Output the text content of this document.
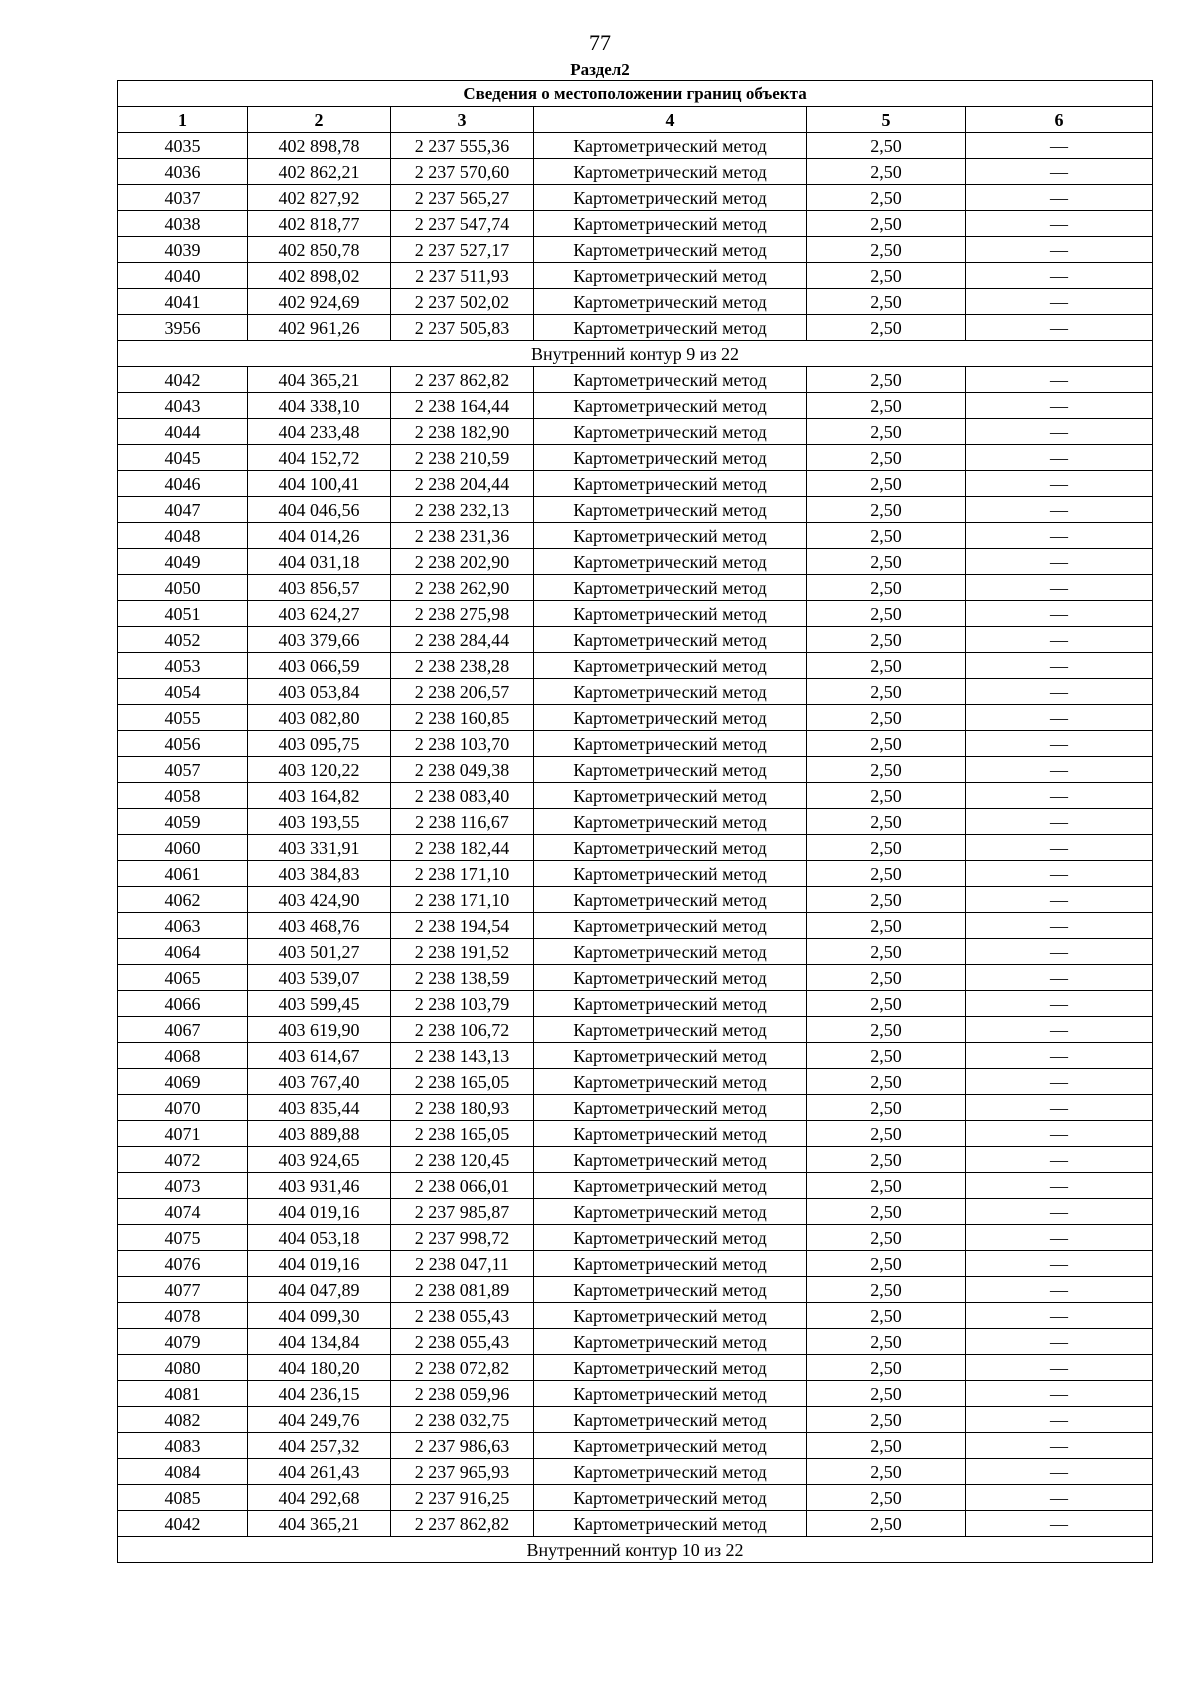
77
Раздел2
Сведения о местоположении границ объекта					
1	2	3	4	5	6
4035	402 898,78	2 237 555,36	Картометрический метод	2,50	—
4036	402 862,21	2 237 570,60	Картометрический метод	2,50	—
4037	402 827,92	2 237 565,27	Картометрический метод	2,50	—
4038	402 818,77	2 237 547,74	Картометрический метод	2,50	—
4039	402 850,78	2 237 527,17	Картометрический метод	2,50	—
4040	402 898,02	2 237 511,93	Картометрический метод	2,50	—
4041	402 924,69	2 237 502,02	Картометрический метод	2,50	—
3956	402 961,26	2 237 505,83	Картометрический метод	2,50	—
Внутренний контур 9 из 22					
4042	404 365,21	2 237 862,82	Картометрический метод	2,50	—
4043	404 338,10	2 238 164,44	Картометрический метод	2,50	—
4044	404 233,48	2 238 182,90	Картометрический метод	2,50	—
4045	404 152,72	2 238 210,59	Картометрический метод	2,50	—
4046	404 100,41	2 238 204,44	Картометрический метод	2,50	—
4047	404 046,56	2 238 232,13	Картометрический метод	2,50	—
4048	404 014,26	2 238 231,36	Картометрический метод	2,50	—
4049	404 031,18	2 238 202,90	Картометрический метод	2,50	—
4050	403 856,57	2 238 262,90	Картометрический метод	2,50	—
4051	403 624,27	2 238 275,98	Картометрический метод	2,50	—
4052	403 379,66	2 238 284,44	Картометрический метод	2,50	—
4053	403 066,59	2 238 238,28	Картометрический метод	2,50	—
4054	403 053,84	2 238 206,57	Картометрический метод	2,50	—
4055	403 082,80	2 238 160,85	Картометрический метод	2,50	—
4056	403 095,75	2 238 103,70	Картометрический метод	2,50	—
4057	403 120,22	2 238 049,38	Картометрический метод	2,50	—
4058	403 164,82	2 238 083,40	Картометрический метод	2,50	—
4059	403 193,55	2 238 116,67	Картометрический метод	2,50	—
4060	403 331,91	2 238 182,44	Картометрический метод	2,50	—
4061	403 384,83	2 238 171,10	Картометрический метод	2,50	—
4062	403 424,90	2 238 171,10	Картометрический метод	2,50	—
4063	403 468,76	2 238 194,54	Картометрический метод	2,50	—
4064	403 501,27	2 238 191,52	Картометрический метод	2,50	—
4065	403 539,07	2 238 138,59	Картометрический метод	2,50	—
4066	403 599,45	2 238 103,79	Картометрический метод	2,50	—
4067	403 619,90	2 238 106,72	Картометрический метод	2,50	—
4068	403 614,67	2 238 143,13	Картометрический метод	2,50	—
4069	403 767,40	2 238 165,05	Картометрический метод	2,50	—
4070	403 835,44	2 238 180,93	Картометрический метод	2,50	—
4071	403 889,88	2 238 165,05	Картометрический метод	2,50	—
4072	403 924,65	2 238 120,45	Картометрический метод	2,50	—
4073	403 931,46	2 238 066,01	Картометрический метод	2,50	—
4074	404 019,16	2 237 985,87	Картометрический метод	2,50	—
4075	404 053,18	2 237 998,72	Картометрический метод	2,50	—
4076	404 019,16	2 238 047,11	Картометрический метод	2,50	—
4077	404 047,89	2 238 081,89	Картометрический метод	2,50	—
4078	404 099,30	2 238 055,43	Картометрический метод	2,50	—
4079	404 134,84	2 238 055,43	Картометрический метод	2,50	—
4080	404 180,20	2 238 072,82	Картометрический метод	2,50	—
4081	404 236,15	2 238 059,96	Картометрический метод	2,50	—
4082	404 249,76	2 238 032,75	Картометрический метод	2,50	—
4083	404 257,32	2 237 986,63	Картометрический метод	2,50	—
4084	404 261,43	2 237 965,93	Картометрический метод	2,50	—
4085	404 292,68	2 237 916,25	Картометрический метод	2,50	—
4042	404 365,21	2 237 862,82	Картометрический метод	2,50	—
Внутренний контур 10 из 22					
